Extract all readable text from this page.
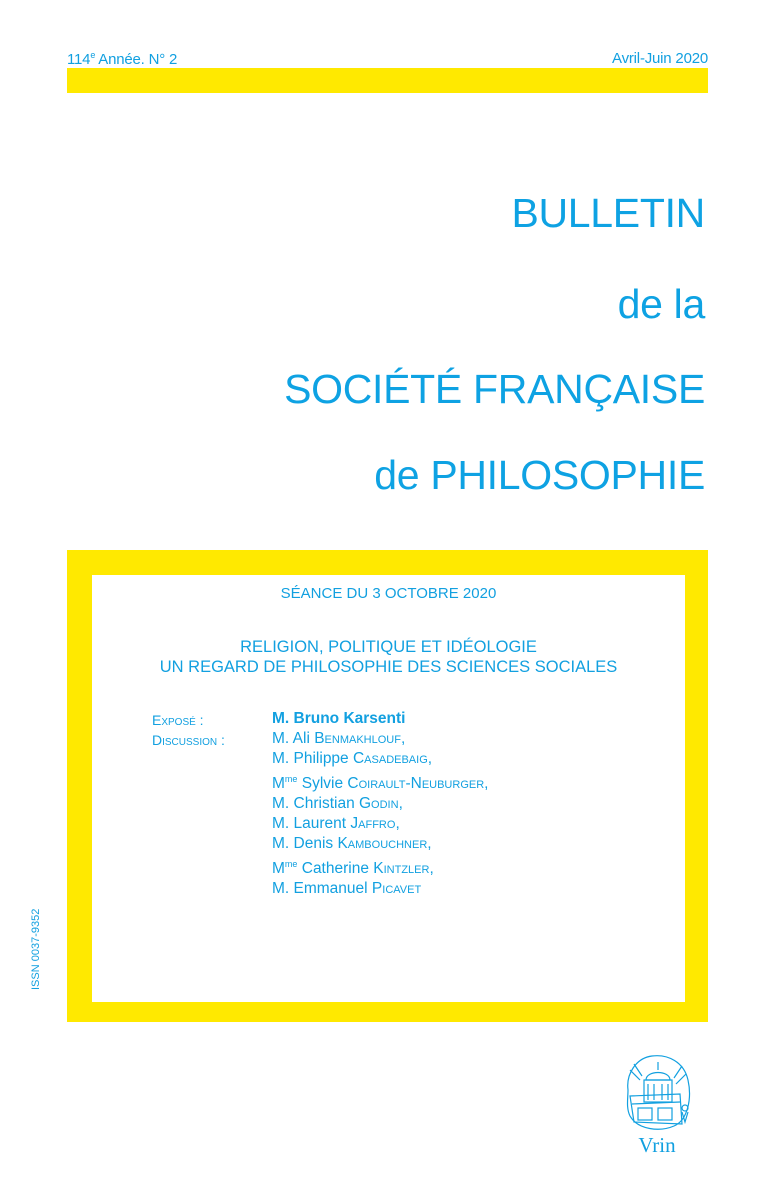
114e Année. N° 2	Avril-Juin 2020
BULLETIN
de la
SOCIÉTÉ FRANÇAISE
de PHILOSOPHIE
SÉANCE DU 3 OCTOBRE 2020
RELIGION, POLITIQUE ET IDÉOLOGIE
UN REGARD DE PHILOSOPHIE DES SCIENCES SOCIALES
Exposé :
Discussion :
M. Bruno Karsenti
M. Ali Benmakhlouf,
M. Philippe Casadebaig,
$M^{me}$ Sylvie Coirault-Neuburger,
M. Christian Godin,
M. Laurent Jaffro,
M. Denis Kambouchner,
$M^{me}$ Catherine Kintzler,
M. Emmanuel Picavet
ISSN 0037-9352
Vrin
